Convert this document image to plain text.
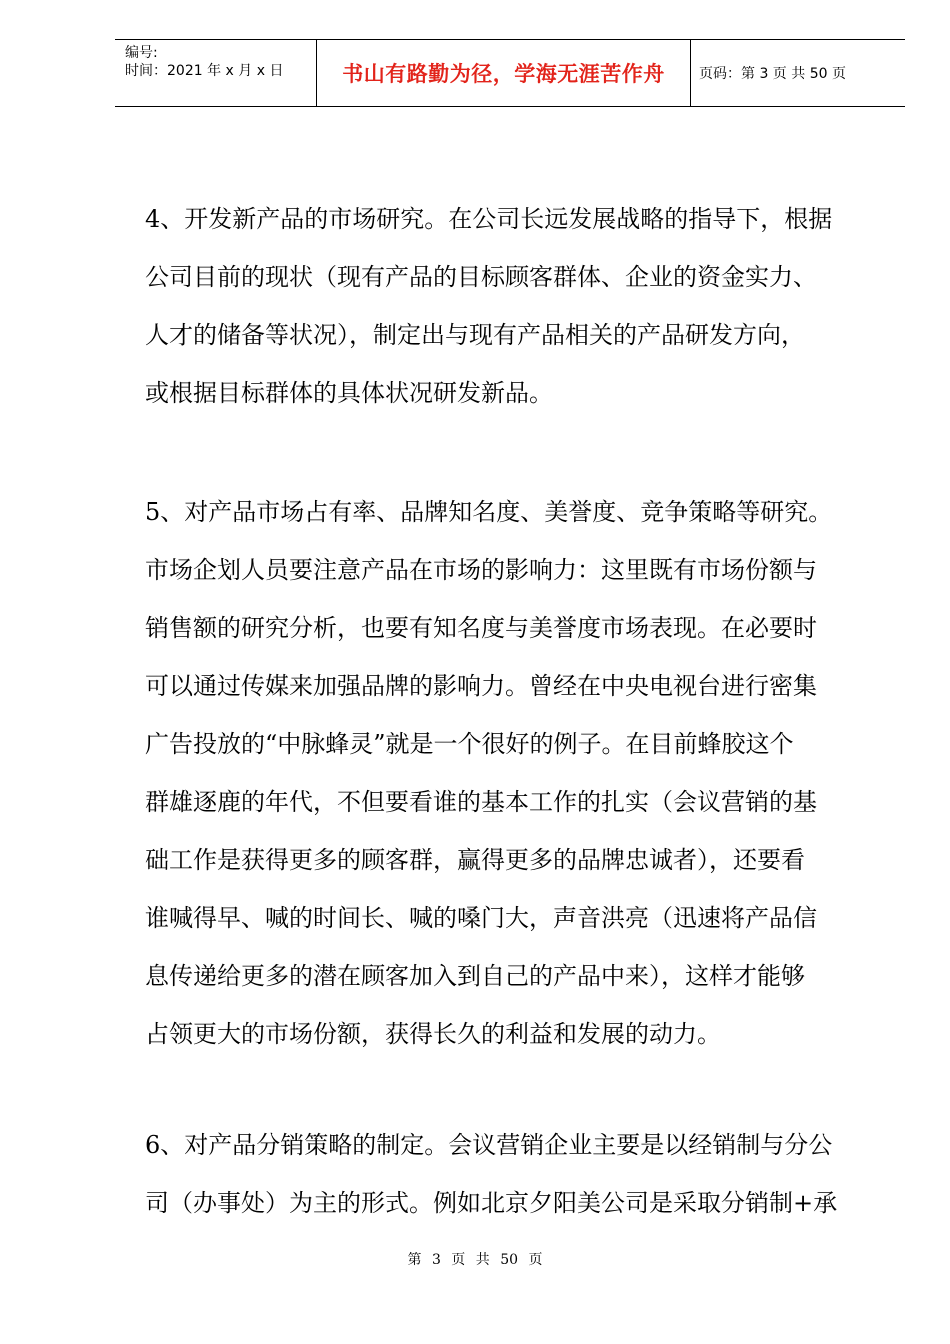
编号:
时间：2021 年 x 月 x 日	书山有路勤为径，学海无涯苦作舟 页码：第 3 页 共 50 页
4、开发新产品的市场研究。在公司长远发展战略的指导下，根据
公司目前的现状（现有产品的目标顾客群体、企业的资金实力、
人才的储备等状况），制定出与现有产品相关的产品研发方向，
或根据目标群体的具体状况研发新品。
5、对产品市场占有率、品牌知名度、美誉度、竞争策略等研究。
市场企划人员要注意产品在市场的影响力：这里既有市场份额与
销售额的研究分析，也要有知名度与美誉度市场表现。在必要时
可以通过传媒来加强品牌的影响力。曾经在中央电视台进行密集
广告投放的“中脉蜂灵”就是一个很好的例子。在目前蜂胶这个
群雄逐鹿的年代，不但要看谁的基本工作的扎实（会议营销的基
础工作是获得更多的顾客群，赢得更多的品牌忠诚者），还要看
谁喊得早、喊的时间长、喊的嗓门大，声音洪亮（迅速将产品信
息传递给更多的潜在顾客加入到自己的产品中来），这样才能够
占领更大的市场份额，获得长久的利益和发展的动力。
6、对产品分销策略的制定。会议营销企业主要是以经销制与分公
司（办事处）为主的形式。例如北京夕阳美公司是采取分销制+承
第 3 页 共 50 页
